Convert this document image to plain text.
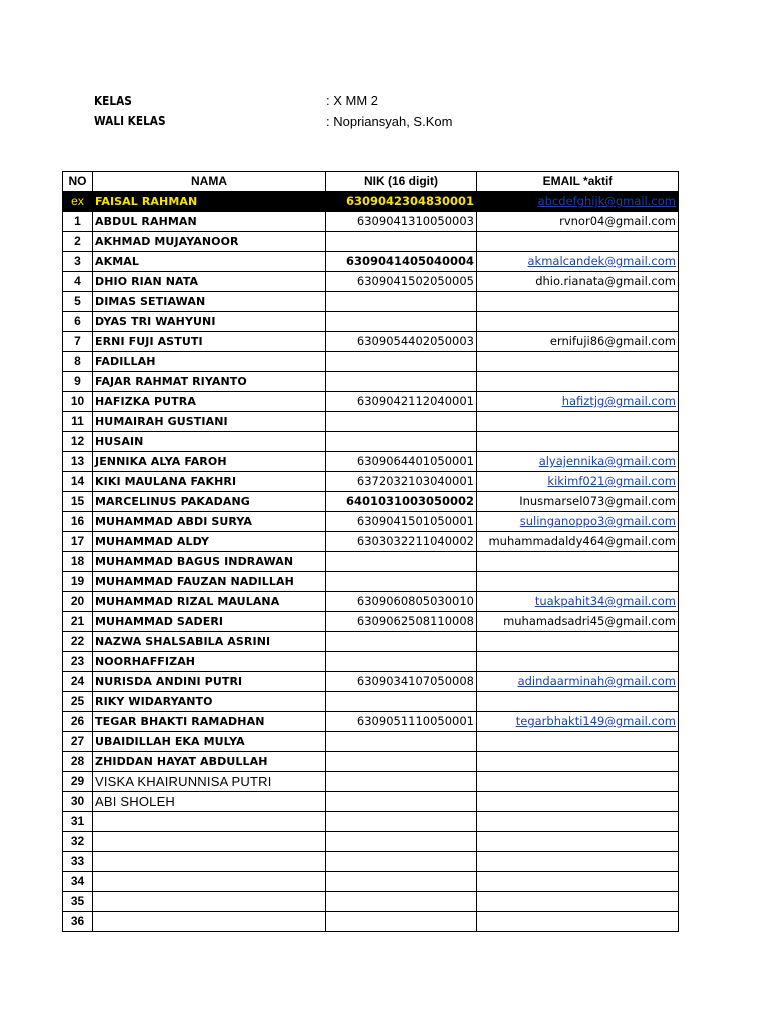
KELAS	: X MM 2
WALI KELAS	: Nopriansyah, S.Kom
NO	NAMA	NIK (16 digit)	EMAIL *aktif
ex	FAISAL RAHMAN	6309042304830001	abcdefghijk@gmail.com
1	ABDUL RAHMAN	6309041310050003	rvnor04@gmail.com
2	AKHMAD MUJAYANOOR		
3	AKMAL	6309041405040004	akmalcandek@gmail.com
4	DHIO RIAN NATA	6309041502050005	dhio.rianata@gmail.com
5	DIMAS SETIAWAN		
6	DYAS TRI WAHYUNI		
7	ERNI FUJI ASTUTI	6309054402050003	ernifuji86@gmail.com
8	FADILLAH		
9	FAJAR RAHMAT RIYANTO		
10	HAFIZKA PUTRA	6309042112040001	hafiztjg@gmail.com
11	HUMAIRAH GUSTIANI		
12	HUSAIN		
13	JENNIKA ALYA FAROH	6309064401050001	alyajennika@gmail.com
14	KIKI MAULANA FAKHRI	6372032103040001	kikimf021@gmail.com
15	MARCELINUS PAKADANG	6401031003050002	Inusmarsel073@gmail.com
16	MUHAMMAD ABDI SURYA	6309041501050001	sulinganoppo3@gmail.com
17	MUHAMMAD ALDY	6303032211040002	muhammadaldy464@gmail.com
18	MUHAMMAD BAGUS INDRAWAN		
19	MUHAMMAD FAUZAN NADILLAH		
20	MUHAMMAD RIZAL MAULANA	6309060805030010	tuakpahit34@gmail.com
21	MUHAMMAD SADERI	6309062508110008	muhamadsadri45@gmail.com
22	NAZWA SHALSABILA ASRINI		
23	NOORHAFFIZAH		
24	NURISDA ANDINI PUTRI	6309034107050008	adindaarminah@gmail.com
25	RIKY WIDARYANTO		
26	TEGAR BHAKTI RAMADHAN	6309051110050001	tegarbhakti149@gmail.com
27	UBAIDILLAH EKA MULYA		
28	ZHIDDAN HAYAT ABDULLAH		
29	VISKA KHAIRUNNISA PUTRI		
30	ABI SHOLEH		
31			
32			
33			
34			
35			
36			
